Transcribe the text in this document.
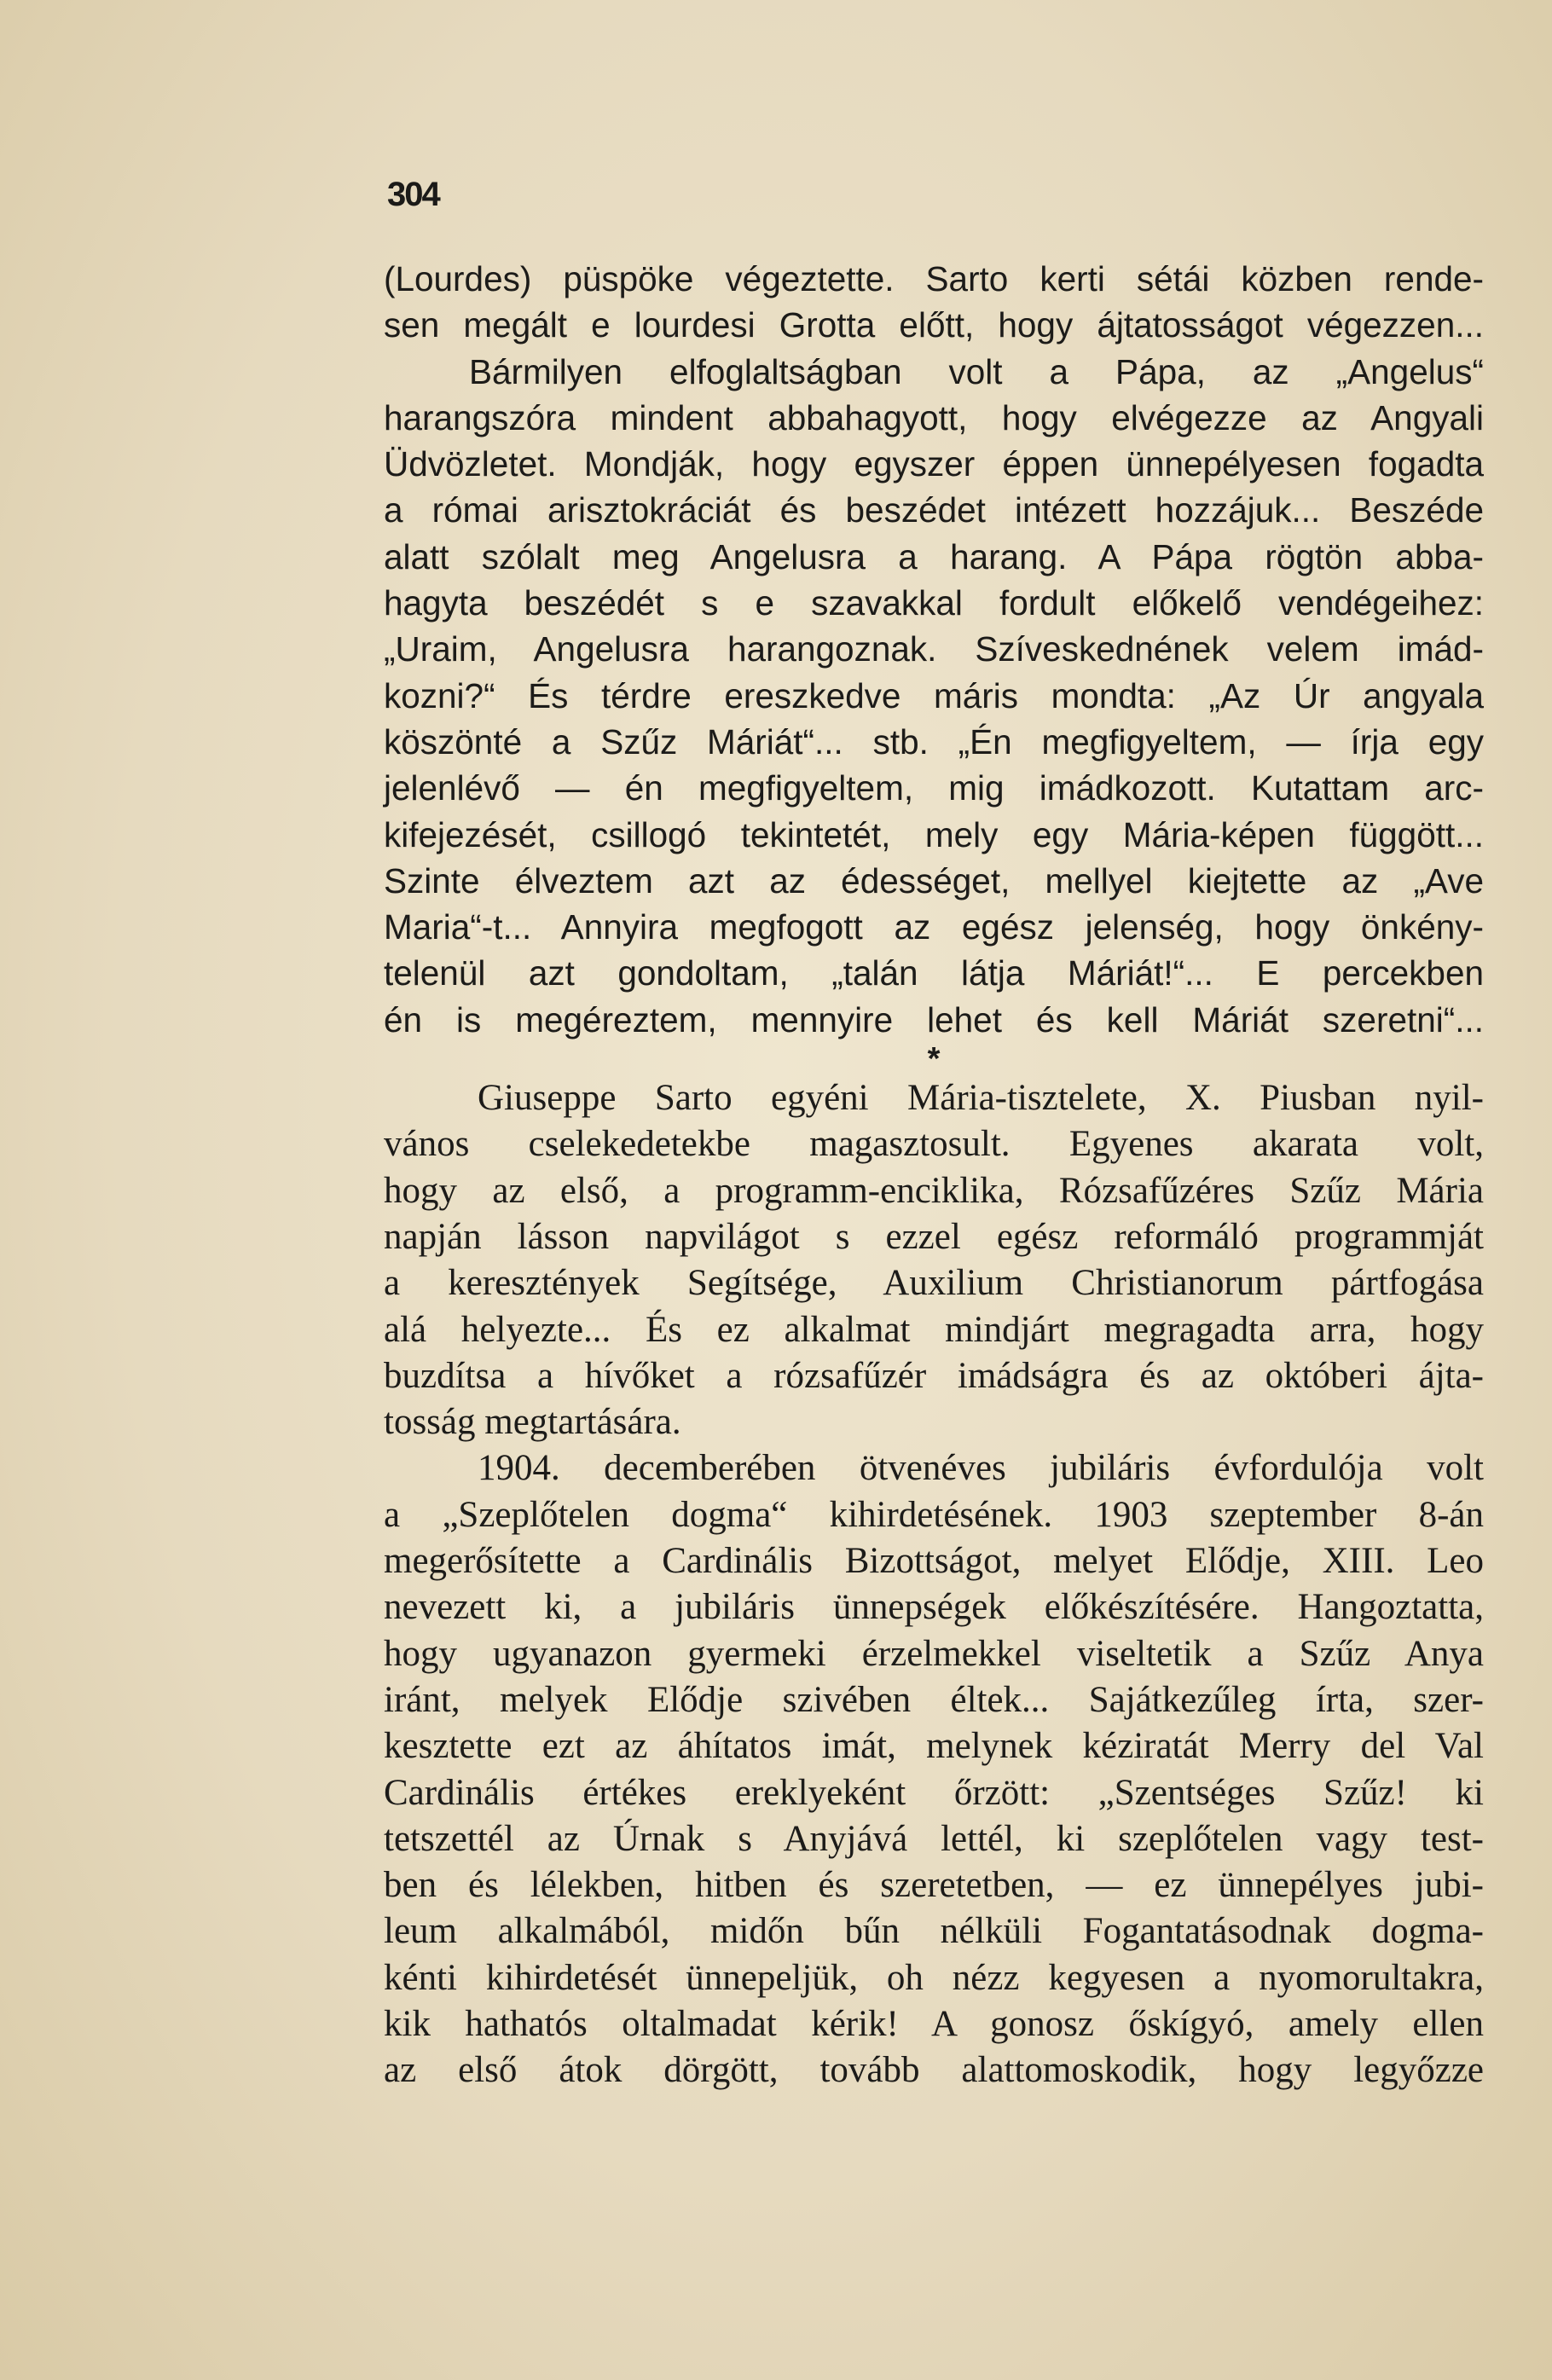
304
(Lourdes) püspöke végeztette. Sarto kerti sétái közben rende-
sen megált e lourdesi Grotta előtt, hogy ájtatosságot végezzen...
Bármilyen elfoglaltságban volt a Pápa, az „Angelus“
harangszóra mindent abbahagyott, hogy elvégezze az Angyali
Üdvözletet. Mondják, hogy egyszer éppen ünnepélyesen fogadta
a római arisztokráciát és beszédet intézett hozzájuk... Beszéde
alatt szólalt meg Angelusra a harang. A Pápa rögtön abba-
hagyta beszédét s e szavakkal fordult előkelő vendégeihez:
„Uraim, Angelusra harangoznak. Szíveskednének velem imád-
kozni?“ És térdre ereszkedve máris mondta: „Az Úr angyala
köszönté a Szűz Máriát“... stb. „Én megfigyeltem, — írja egy
jelenlévő — én megfigyeltem, mig imádkozott. Kutattam arc-
kifejezését, csillogó tekintetét, mely egy Mária-képen függött...
Szinte élveztem azt az édességet, mellyel kiejtette az „Ave
Maria“-t... Annyira megfogott az egész jelenség, hogy önkény-
telenül azt gondoltam, „talán látja Máriát!“... E percekben
én is megéreztem, mennyire lehet és kell Máriát szeretni“...
*
Giuseppe Sarto egyéni Mária-tisztelete, X. Piusban nyil-
vános cselekedetekbe magasztosult. Egyenes akarata volt,
hogy az első, a programm-enciklika, Rózsafűzéres Szűz Mária
napján lásson napvilágot s ezzel egész reformáló programmját
a keresztények Segítsége, Auxilium Christianorum pártfogása
alá helyezte... És ez alkalmat mindjárt megragadta arra, hogy
buzdítsa a hívőket a rózsafűzér imádságra és az októberi ájta-
tosság megtartására.
1904. decemberében ötvenéves jubiláris évfordulója volt
a „Szeplőtelen dogma“ kihirdetésének. 1903 szeptember 8-án
megerősítette a Cardinális Bizottságot, melyet Elődje, XIII. Leo
nevezett ki, a jubiláris ünnepségek előkészítésére. Hangoztatta,
hogy ugyanazon gyermeki érzelmekkel viseltetik a Szűz Anya
iránt, melyek Elődje szivében éltek... Sajátkezűleg írta, szer-
kesztette ezt az áhítatos imát, melynek kéziratát Merry del Val
Cardinális értékes ereklyeként őrzött: „Szentséges Szűz! ki
tetszettél az Úrnak s Anyjává lettél, ki szeplőtelen vagy test-
ben és lélekben, hitben és szeretetben, — ez ünnepélyes jubi-
leum alkalmából, midőn bűn nélküli Fogantatásodnak dogma-
kénti kihirdetését ünnepeljük, oh nézz kegyesen a nyomorultakra,
kik hathatós oltalmadat kérik! A gonosz őskígyó, amely ellen
az első átok dörgött, tovább alattomoskodik, hogy legyőzze
